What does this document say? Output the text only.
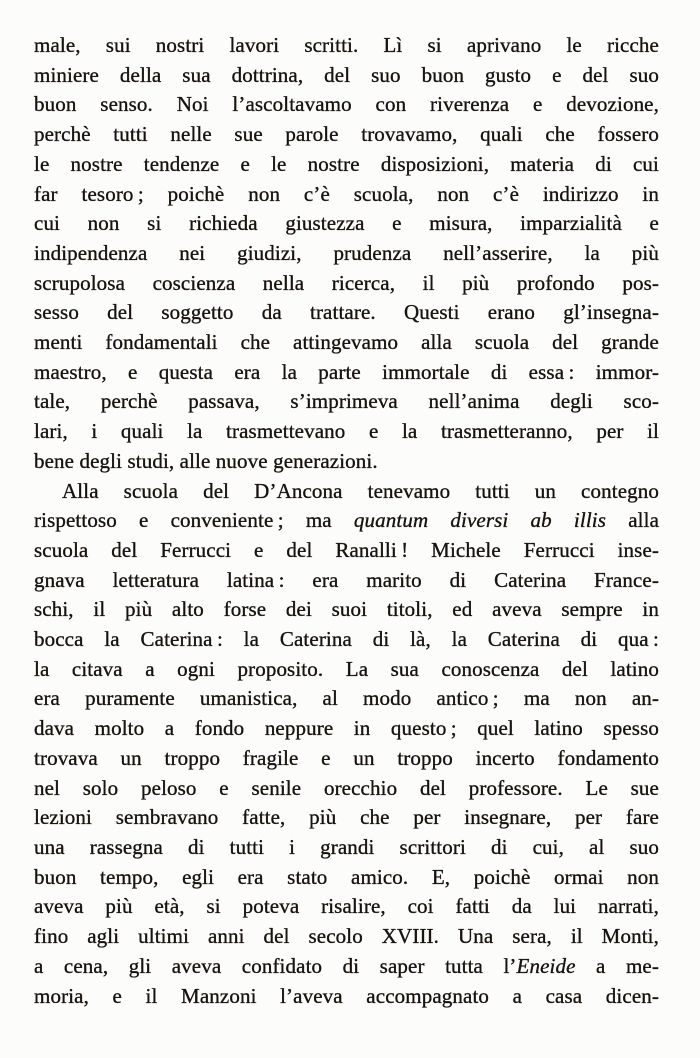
male, sui nostri lavori scritti. Lì si aprivano le ricche
miniere della sua dottrina, del suo buon gusto e del suo
buon senso. Noi l’ascoltavamo con riverenza e devozione,
perchè tutti nelle sue parole trovavamo, quali che fossero
le nostre tendenze e le nostre disposizioni, materia di cui
far tesoro ; poichè non c’è scuola, non c’è indirizzo in
cui non si richieda giustezza e misura, imparzialità e
indipendenza nei giudizi, prudenza nell’asserire, la più
scrupolosa coscienza nella ricerca, il più profondo pos-
sesso del soggetto da trattare. Questi erano gl’insegna-
menti fondamentali che attingevamo alla scuola del grande
maestro, e questa era la parte immortale di essa : immor-
tale, perchè passava, s’imprimeva nell’anima degli sco-
lari, i quali la trasmettevano e la trasmetteranno, per il
bene degli studi, alle nuove generazioni.
Alla scuola del D’Ancona tenevamo tutti un contegno
rispettoso e conveniente ; ma quantum diversi ab illis alla
scuola del Ferrucci e del Ranalli ! Michele Ferrucci inse-
gnava letteratura latina : era marito di Caterina France-
schi, il più alto forse dei suoi titoli, ed aveva sempre in
bocca la Caterina : la Caterina di là, la Caterina di qua :
la citava a ogni proposito. La sua conoscenza del latino
era puramente umanistica, al modo antico ; ma non an-
dava molto a fondo neppure in questo ; quel latino spesso
trovava un troppo fragile e un troppo incerto fondamento
nel solo peloso e senile orecchio del professore. Le sue
lezioni sembravano fatte, più che per insegnare, per fare
una rassegna di tutti i grandi scrittori di cui, al suo
buon tempo, egli era stato amico. E, poichè ormai non
aveva più età, si poteva risalire, coi fatti da lui narrati,
fino agli ultimi anni del secolo XVIII. Una sera, il Monti,
a cena, gli aveva confidato di saper tutta l’Eneide a me-
moria, e il Manzoni l’aveva accompagnato a casa dicen-
